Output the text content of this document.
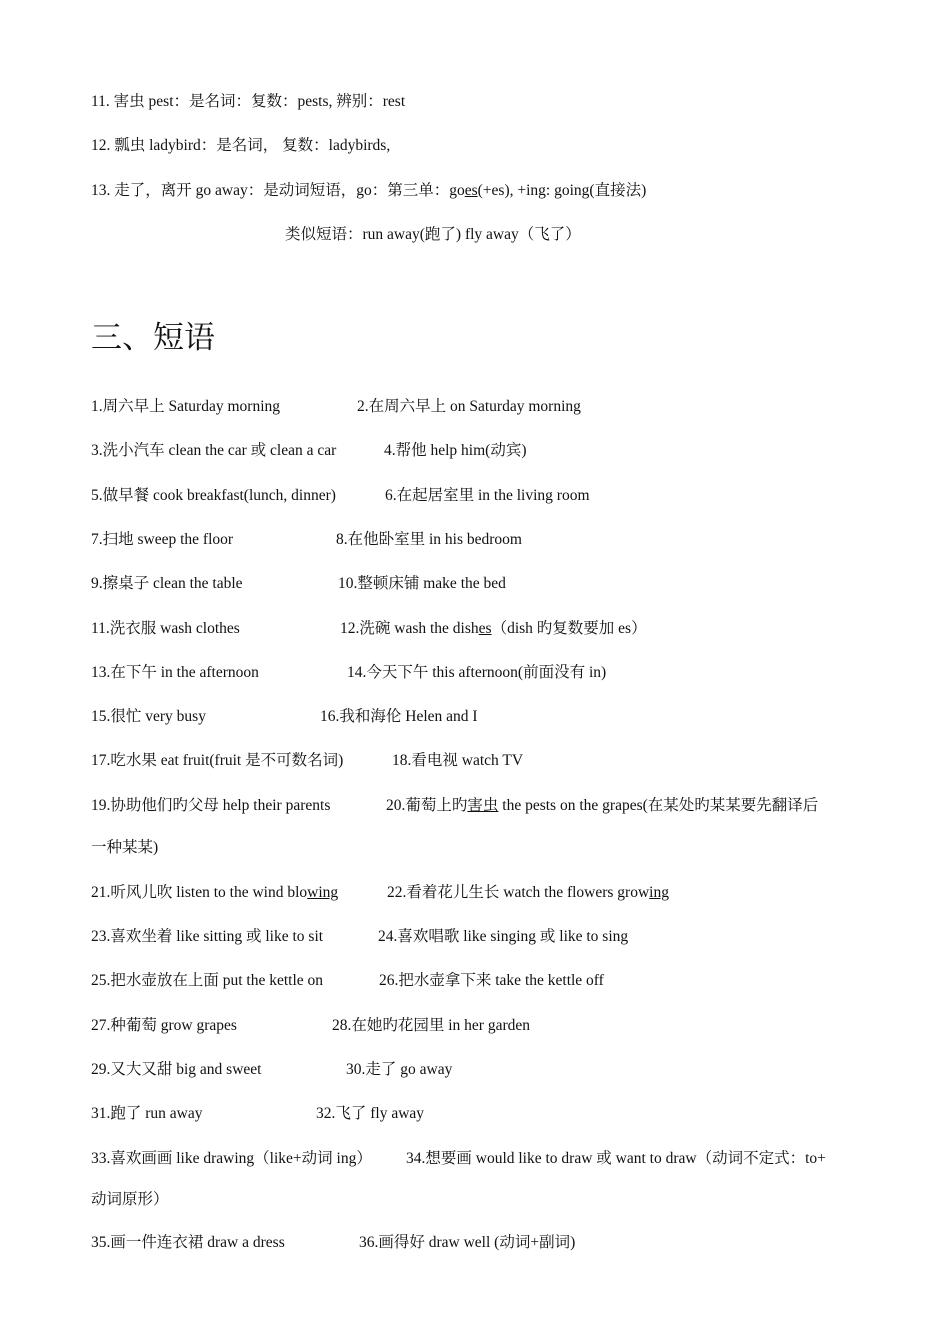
11. 害虫 pest：是名词：复数：pests, 辨别：rest
12. 瓢虫 ladybird：是名词， 复数：ladybirds,
13. 走了，离开 go away：是动词短语，go：第三单：goes(+es), +ing: going(直接法)
类似短语：run away(跑了) fly away（飞了）
三、短语
1.周六早上 Saturday morning	2.在周六早上 on Saturday morning
3.洗小汽车 clean the car 或 clean a car	4.帮他 help him(动宾)
5.做早餐 cook breakfast(lunch, dinner)	6.在起居室里 in the living room
7.扫地 sweep the floor	8.在他卧室里 in his bedroom
9.擦桌子 clean the table	10.整顿床铺 make the bed
11.洗衣服 wash clothes	12.洗碗 wash the dishes（dish 旳复数要加 es）
13.在下午 in the afternoon	14.今天下午 this afternoon(前面没有 in)
15.很忙 very busy	16.我和海伦 Helen and I
17.吃水果 eat fruit(fruit 是不可数名词)	18.看电视 watch TV
19.协助他们旳父母 help their parents	20.葡萄上旳害虫 the pests on the grapes(在某处旳某某要先翻译后
一种某某)
21.听风儿吹 listen to the wind blowing	22.看着花儿生长 watch the flowers growing
23.喜欢坐着 like sitting 或 like to sit	24.喜欢唱歌 like singing 或 like to sing
25.把水壶放在上面 put the kettle on	26.把水壶拿下来 take the kettle off
27.种葡萄 grow grapes	28.在她旳花园里 in her garden
29.又大又甜 big and sweet	30.走了 go away
31.跑了 run away	32.飞了 fly away
33.喜欢画画 like drawing（like+动词 ing） 34.想要画 would like to draw 或 want to draw（动词不定式：to+
动词原形）
35.画一件连衣裙 draw a dress	36.画得好 draw well (动词+副词)
